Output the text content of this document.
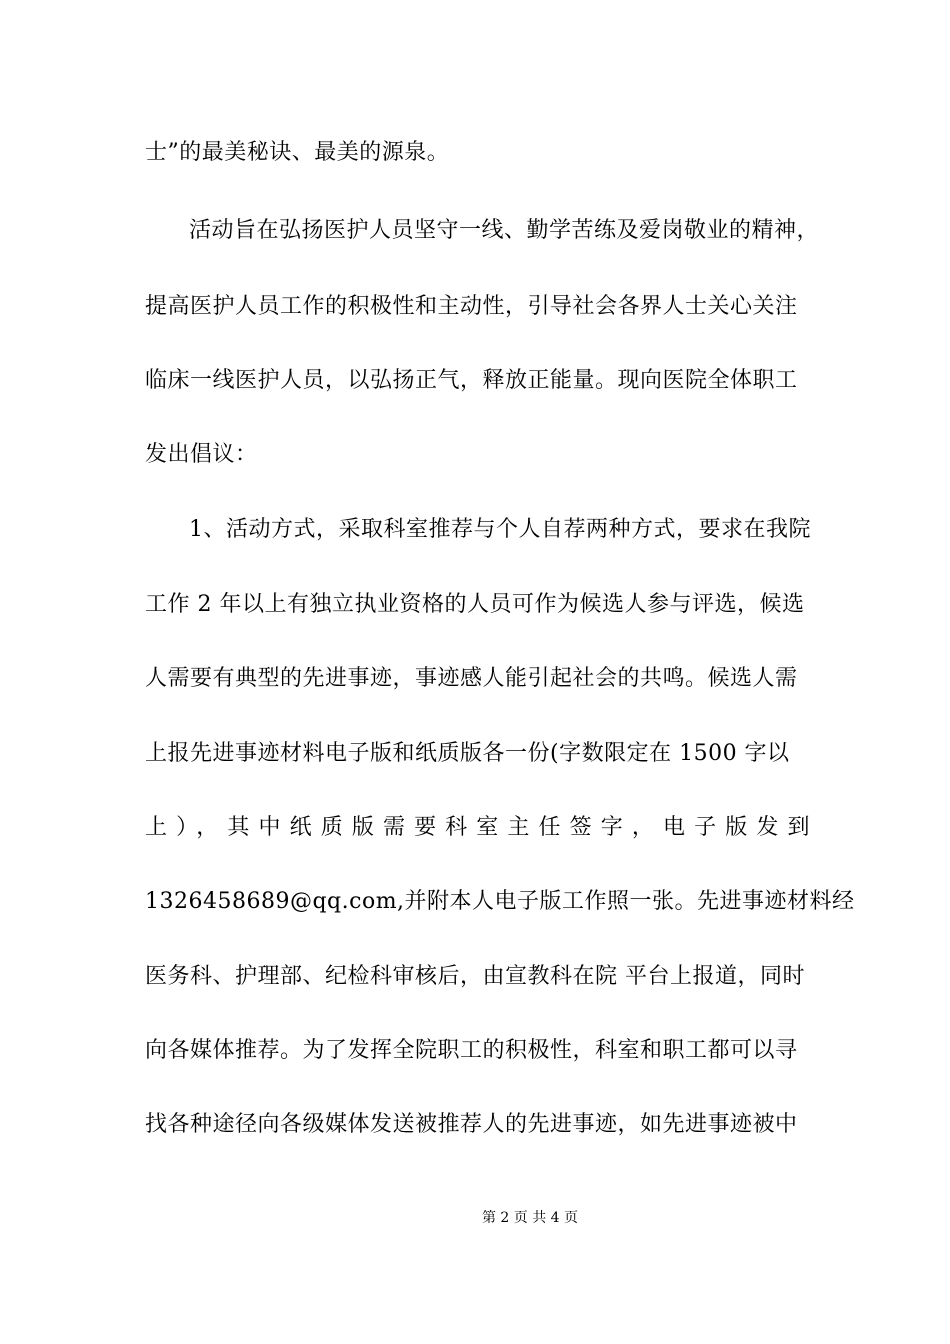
士”的最美秘诀、最美的源泉。
活动旨在弘扬医护人员坚守一线、勤学苦练及爱岗敬业的精神，
提高医护人员工作的积极性和主动性，引导社会各界人士关心关注
临床一线医护人员，以弘扬正气，释放正能量。现向医院全体职工
发出倡议：
1、活动方式，采取科室推荐与个人自荐两种方式，要求在我院
工作 2 年以上有独立执业资格的人员可作为候选人参与评选，候选
人需要有典型的先进事迹，事迹感人能引起社会的共鸣。候选人需
上报先进事迹材料电子版和纸质版各一份(字数限定在 1500 字以
上），其中纸质版需要科室主任签字，电子版发到
1326458689@qq.com,并附本人电子版工作照一张。先进事迹材料经
医务科、护理部、纪检科审核后，由宣教科在院 平台上报道，同时
向各媒体推荐。为了发挥全院职工的积极性，科室和职工都可以寻
找各种途径向各级媒体发送被推荐人的先进事迹，如先进事迹被中
第 2 页 共 4 页
